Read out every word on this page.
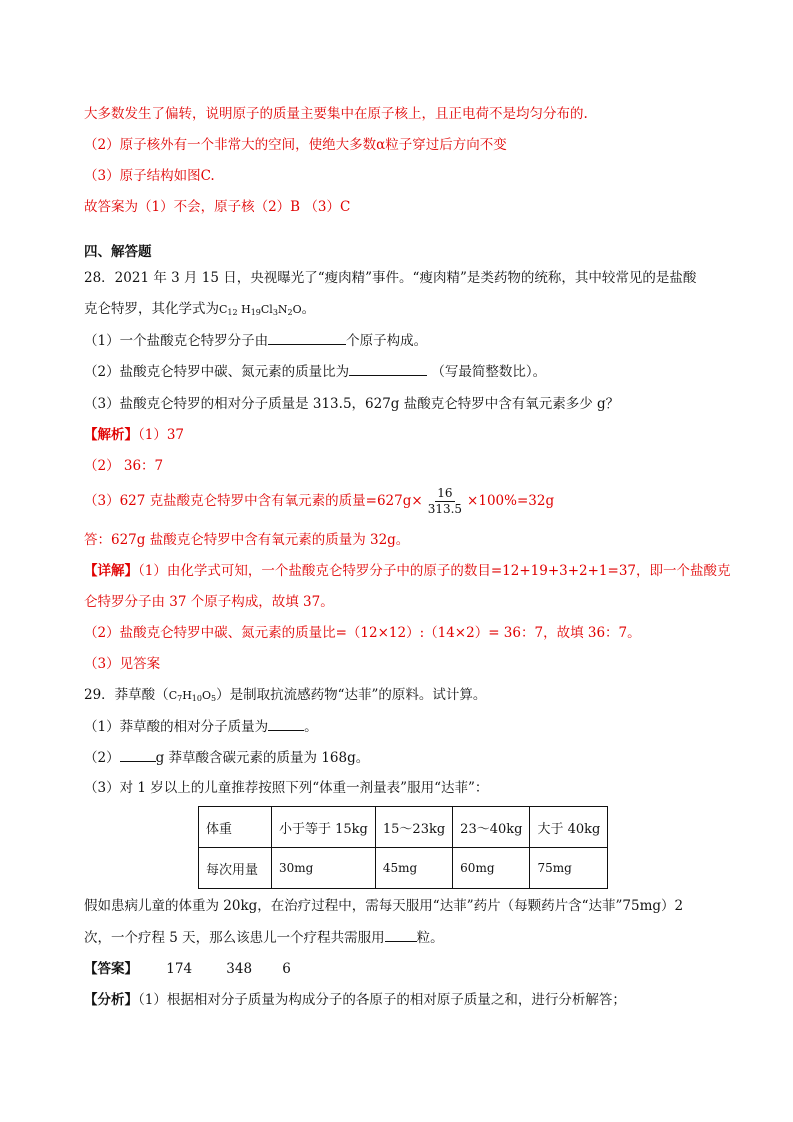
大多数发生了偏转，说明原子的质量主要集中在原子核上，且正电荷不是均匀分布的.
（2）原子核外有一个非常大的空间，使绝大多数α粒子穿过后方向不变
（3）原子结构如图C.
故答案为（1）不会，原子核（2）B （3）C
四、解答题
28．2021 年 3 月 15 日，央视曝光了“瘦肉精”事件。“瘦肉精”是类药物的统称，其中较常见的是盐酸
克仑特罗，其化学式为$C_{12}$ $H_{19}Cl_3N_2O$。
（1）一个盐酸克仑特罗分子由	个原子构成。
（2）盐酸克仑特罗中碳、氮元素的质量比为	（写最简整数比）。
（3）盐酸克仑特罗的相对分子质量是 313.5，627g 盐酸克仑特罗中含有氧元素多少 g？
【解析】（1）37
（2） 36：7
（3）627 克盐酸克仑特罗中含有氧元素的质量$=627g\times \frac{16}{313.5} \times 100\%=32g$
答：627g 盐酸克仑特罗中含有氧元素的质量为 32g。
【详解】（1）由化学式可知，一个盐酸克仑特罗分子中的原子的数目=12+19+3+2+1=37，即一个盐酸克
仑特罗分子由 37 个原子构成，故填 37。
（2）盐酸克仑特罗中碳、氮元素的质量比=（12×12）:（14×2）= 36：7，故填 36：7。
（3）见答案
29．莽草酸$(C_7H_{10}O_5)$是制取抗流感药物“达菲”的原料。试计算。
（1）莽草酸的相对分子质量为	。
（2）	g 莽草酸含碳元素的质量为 168g。
（3）对 1 岁以上的儿童推荐按照下列“体重一剂量表”服用“达菲”：
体重	小于等于 15kg	15～23kg	23～40kg	大于 40kg
每次用量	30mg	45mg	60mg	75mg
假如患病儿童的体重为 20kg，在治疗过程中，需每天服用“达菲”药片（每颗药片含“达菲”75mg）2
次，一个疗程 5 天，那么该患儿一个疗程共需服用 粒。
【答案】 174	348 6
【分析】（1）根据相对分子质量为构成分子的各原子的相对原子质量之和，进行分析解答；
